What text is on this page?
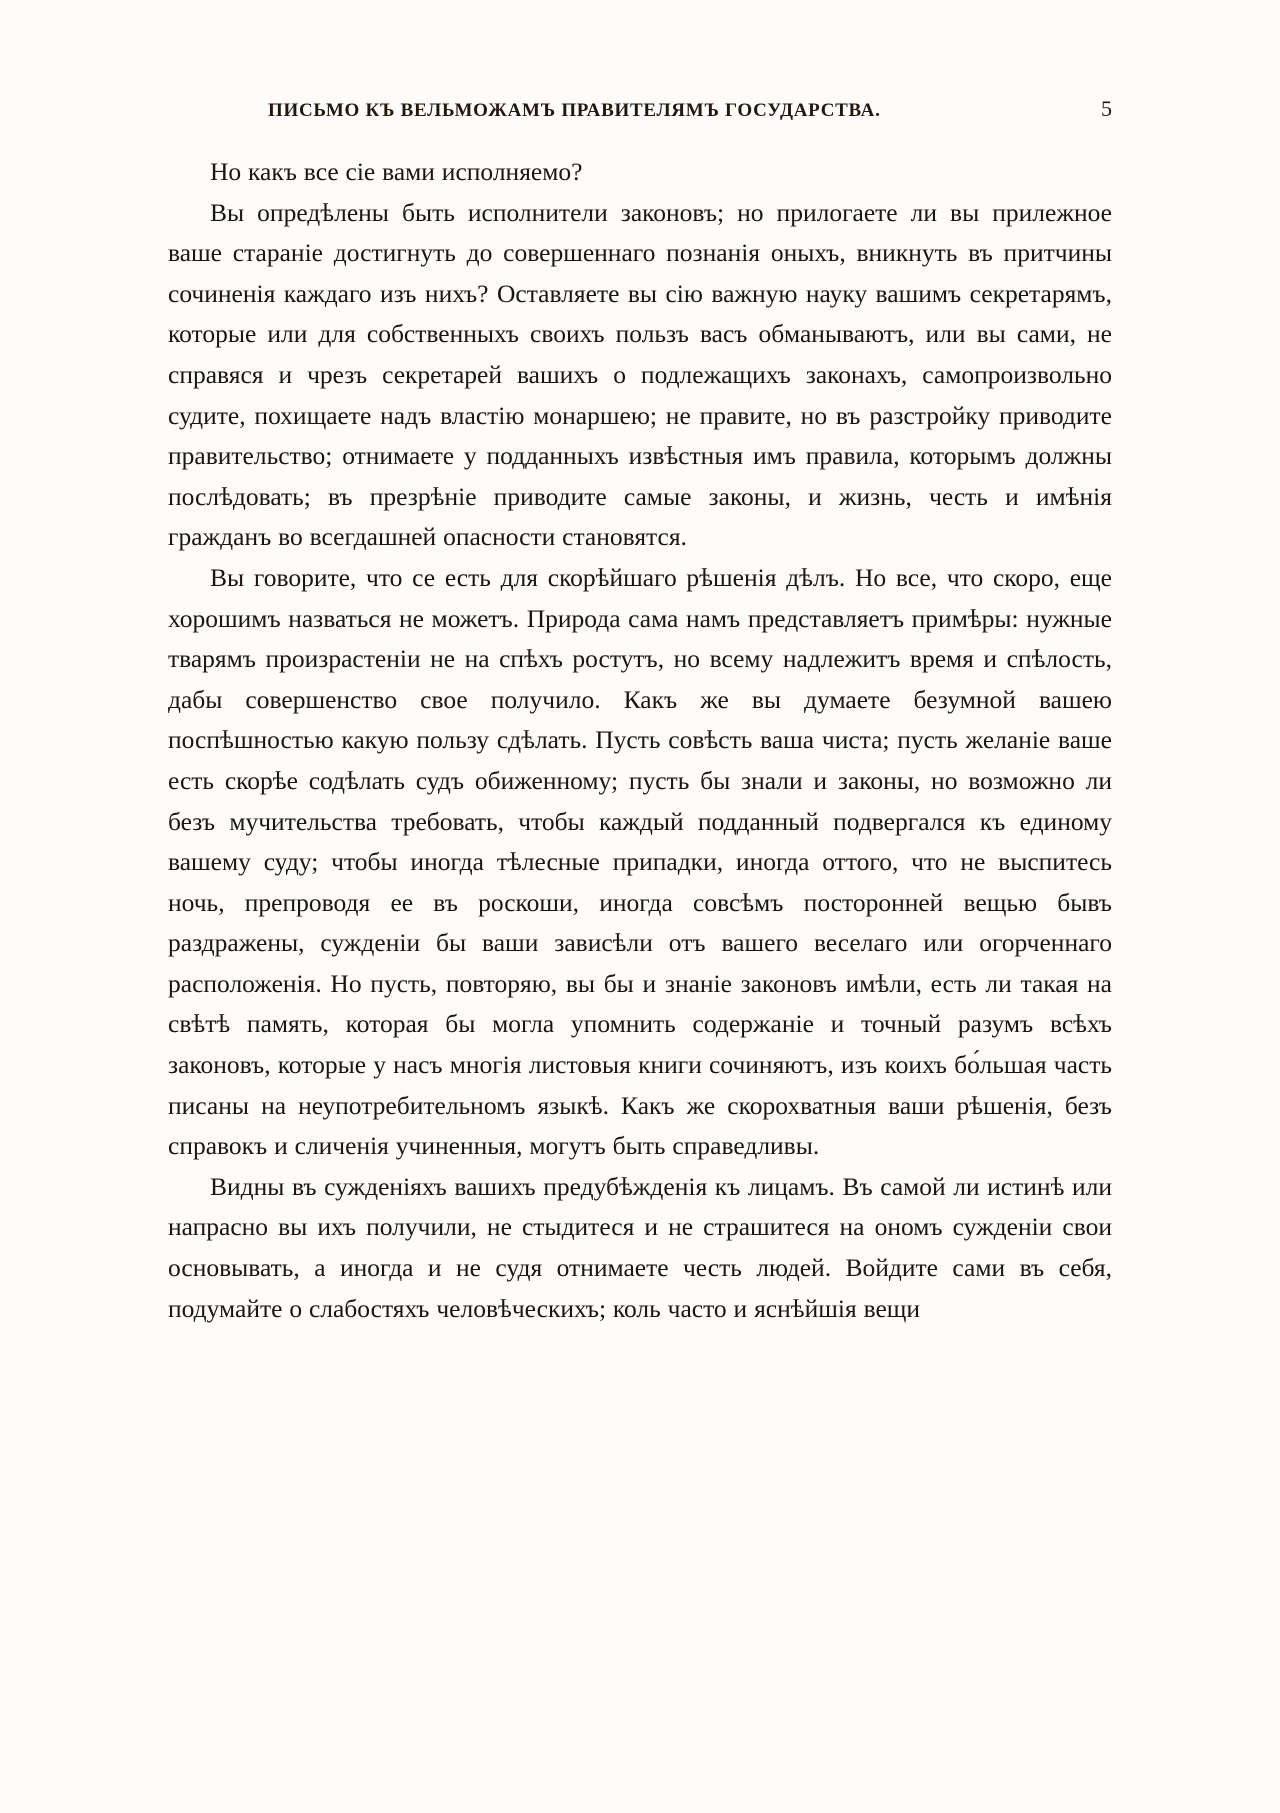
ПИСЬМО КЪ ВЕЛЬМОЖАМЪ ПРАВИТЕЛЯМЪ ГОСУДАРСТВА.	5

Но какъ все сіе вами исполняемо?

Вы опредѣлены быть исполнители законовъ; но прилогаете ли вы прилежное ваше стараніе достигнуть до совершеннаго познанія оныхъ, вникнуть въ притчины сочиненія каждаго изъ нихъ? Оставляете вы сію важную науку вашимъ секретарямъ, которые или для собственныхъ своихъ пользъ васъ обманываютъ, или вы сами, не справяся и чрезъ секретарей вашихъ о подлежащихъ законахъ, самопроизвольно судите, похищаете надъ властію монаршею; не правите, но въ разстройку приводите правительство; отнимаете у подданныхъ извѣстныя имъ правила, которымъ должны послѣдовать; въ презрѣніе приводите самые законы, и жизнь, честь и имѣнія гражданъ во всегдашней опасности становятся.

Вы говорите, что се есть для скорѣйшаго рѣшенія дѣлъ. Но все, что скоро, еще хорошимъ назваться не можетъ. Природа сама намъ представляетъ примѣры: нужные тварямъ произрастеніи не на спѣхъ ростутъ, но всему надлежитъ время и спѣлость, дабы совершенство свое получило. Какъ же вы думаете безумной вашею поспѣшностью какую пользу сдѣлать. Пусть совѣсть ваша чиста; пусть желаніе ваше есть скорѣе содѣлать судъ обиженному; пусть бы знали и законы, но возможно ли безъ мучительства требовать, чтобы каждый подданный подвергался къ единому вашему суду; чтобы иногда тѣлесные припадки, иногда оттого, что не выспитесь ночь, препроводя ее въ роскоши, иногда совсѣмъ посторонней вещью бывъ раздражены, сужденіи бы ваши зависѣли отъ вашего веселаго или огорченнаго расположенія. Но пусть, повторяю, вы бы и знаніе законовъ имѣли, есть ли такая на свѣтѣ память, которая бы могла упомнить содержаніе и точный разумъ всѣхъ законовъ, которые у насъ многія листовыя книги сочиняютъ, изъ коихъ бо́льшая часть писаны на неупотребительномъ языкѣ. Какъ же скорохватныя ваши рѣшенія, безъ справокъ и сличенія учиненныя, могутъ быть справедливы.

Видны въ сужденіяхъ вашихъ предубѣжденія къ лицамъ. Въ самой ли истинѣ или напрасно вы ихъ получили, не стыдитеся и не страшитеся на ономъ сужденіи свои основывать, а иногда и не судя отнимаете честь людей. Войдите сами въ себя, подумайте о слабостяхъ человѣческихъ; коль часто и яснѣйшія вещи
